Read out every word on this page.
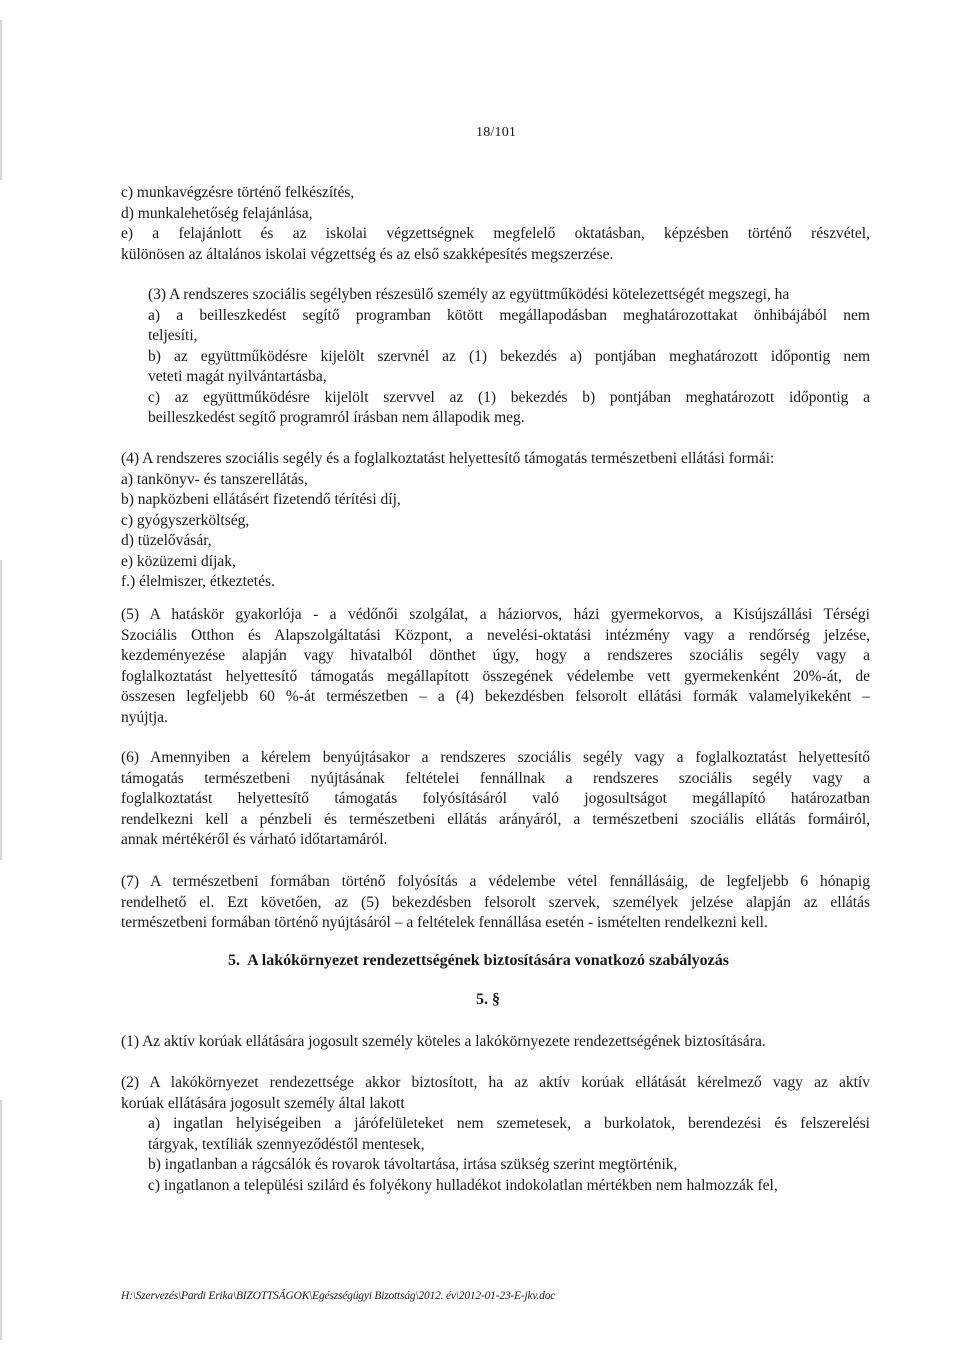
18/101
c) munkavégzésre történő felkészítés,
d) munkalehetőség felajánlása,
e) a felajánlott és az iskolai végzettségnek megfelelő oktatásban, képzésben történő részvétel,
különösen az általános iskolai végzettség és az első szakképesítés megszerzése.
(3) A rendszeres szociális segélyben részesülő személy az együttműködési kötelezettségét megszegi, ha
a) a beilleszkedést segítő programban kötött megállapodásban meghatározottakat önhibájából nem
teljesíti,
b) az együttműködésre kijelölt szervnél az (1) bekezdés a) pontjában meghatározott időpontig nem
veteti magát nyilvántartásba,
c) az együttműködésre kijelölt szervvel az (1) bekezdés b) pontjában meghatározott időpontig a
beilleszkedést segítő programról írásban nem állapodik meg.
(4) A rendszeres szociális segély és a foglalkoztatást helyettesítő támogatás természetbeni ellátási formái:
a) tankönyv- és tanszerellátás,
b) napközbeni ellátásért fizetendő térítési díj,
c) gyógyszerköltség,
d) tüzelővásár,
e) közüzemi díjak,
f.) élelmiszer, étkeztetés.
(5) A hatáskör gyakorlója - a védőnői szolgálat, a háziorvos, házi gyermekorvos, a Kisújszállási Térségi
Szociális Otthon és Alapszolgáltatási Központ, a nevelési-oktatási intézmény vagy a rendőrség jelzése,
kezdeményezése alapján vagy hivatalból dönthet úgy, hogy a rendszeres szociális segély vagy a
foglalkoztatást helyettesítő támogatás megállapított összegének védelembe vett gyermekenként 20%-át, de
összesen legfeljebb 60 %-át természetben – a (4) bekezdésben felsorolt ellátási formák valamelyikeként –
nyújtja.
(6) Amennyiben a kérelem benyújtásakor a rendszeres szociális segély vagy a foglalkoztatást helyettesítő
támogatás természetbeni nyújtásának feltételei fennállnak a rendszeres szociális segély vagy a
foglalkoztatást helyettesítő támogatás folyósításáról való jogosultságot megállapító határozatban
rendelkezni kell a pénzbeli és természetbeni ellátás arányáról, a természetbeni szociális ellátás formáiról,
annak mértékéről és várható időtartamáról.
(7) A természetbeni formában történő folyósítás a védelembe vétel fennállásáig, de legfeljebb 6 hónapig
rendelhető el. Ezt követően, az (5) bekezdésben felsorolt szervek, személyek jelzése alapján az ellátás
természetbeni formában történő nyújtásáról – a feltételek fennállása esetén - ismételten rendelkezni kell.
5.  A lakókörnyezet rendezettségének biztosítására vonatkozó szabályozás
5. §
(1) Az aktív korúak ellátására jogosult személy köteles a lakókörnyezete rendezettségének biztosítására.
(2) A lakókörnyezet rendezettsége akkor biztosított, ha az aktív korúak ellátását kérelmező vagy az aktív
korúak ellátására jogosult személy által lakott
a) ingatlan helyiségeiben a járófelületeket nem szemetesek, a burkolatok, berendezési és felszerelési
tárgyak, textíliák szennyeződéstől mentesek,
b) ingatlanban a rágcsálók és rovarok távoltartása, irtása szükség szerint megtörténik,
c) ingatlanon a települési szilárd és folyékony hulladékot indokolatlan mértékben nem halmozzák fel,
H:\Szervezés\Pardi Erika\BIZOTTSÁGOK\Egészségügyi Bizottság\2012. év\2012-01-23-E-jkv.doc
